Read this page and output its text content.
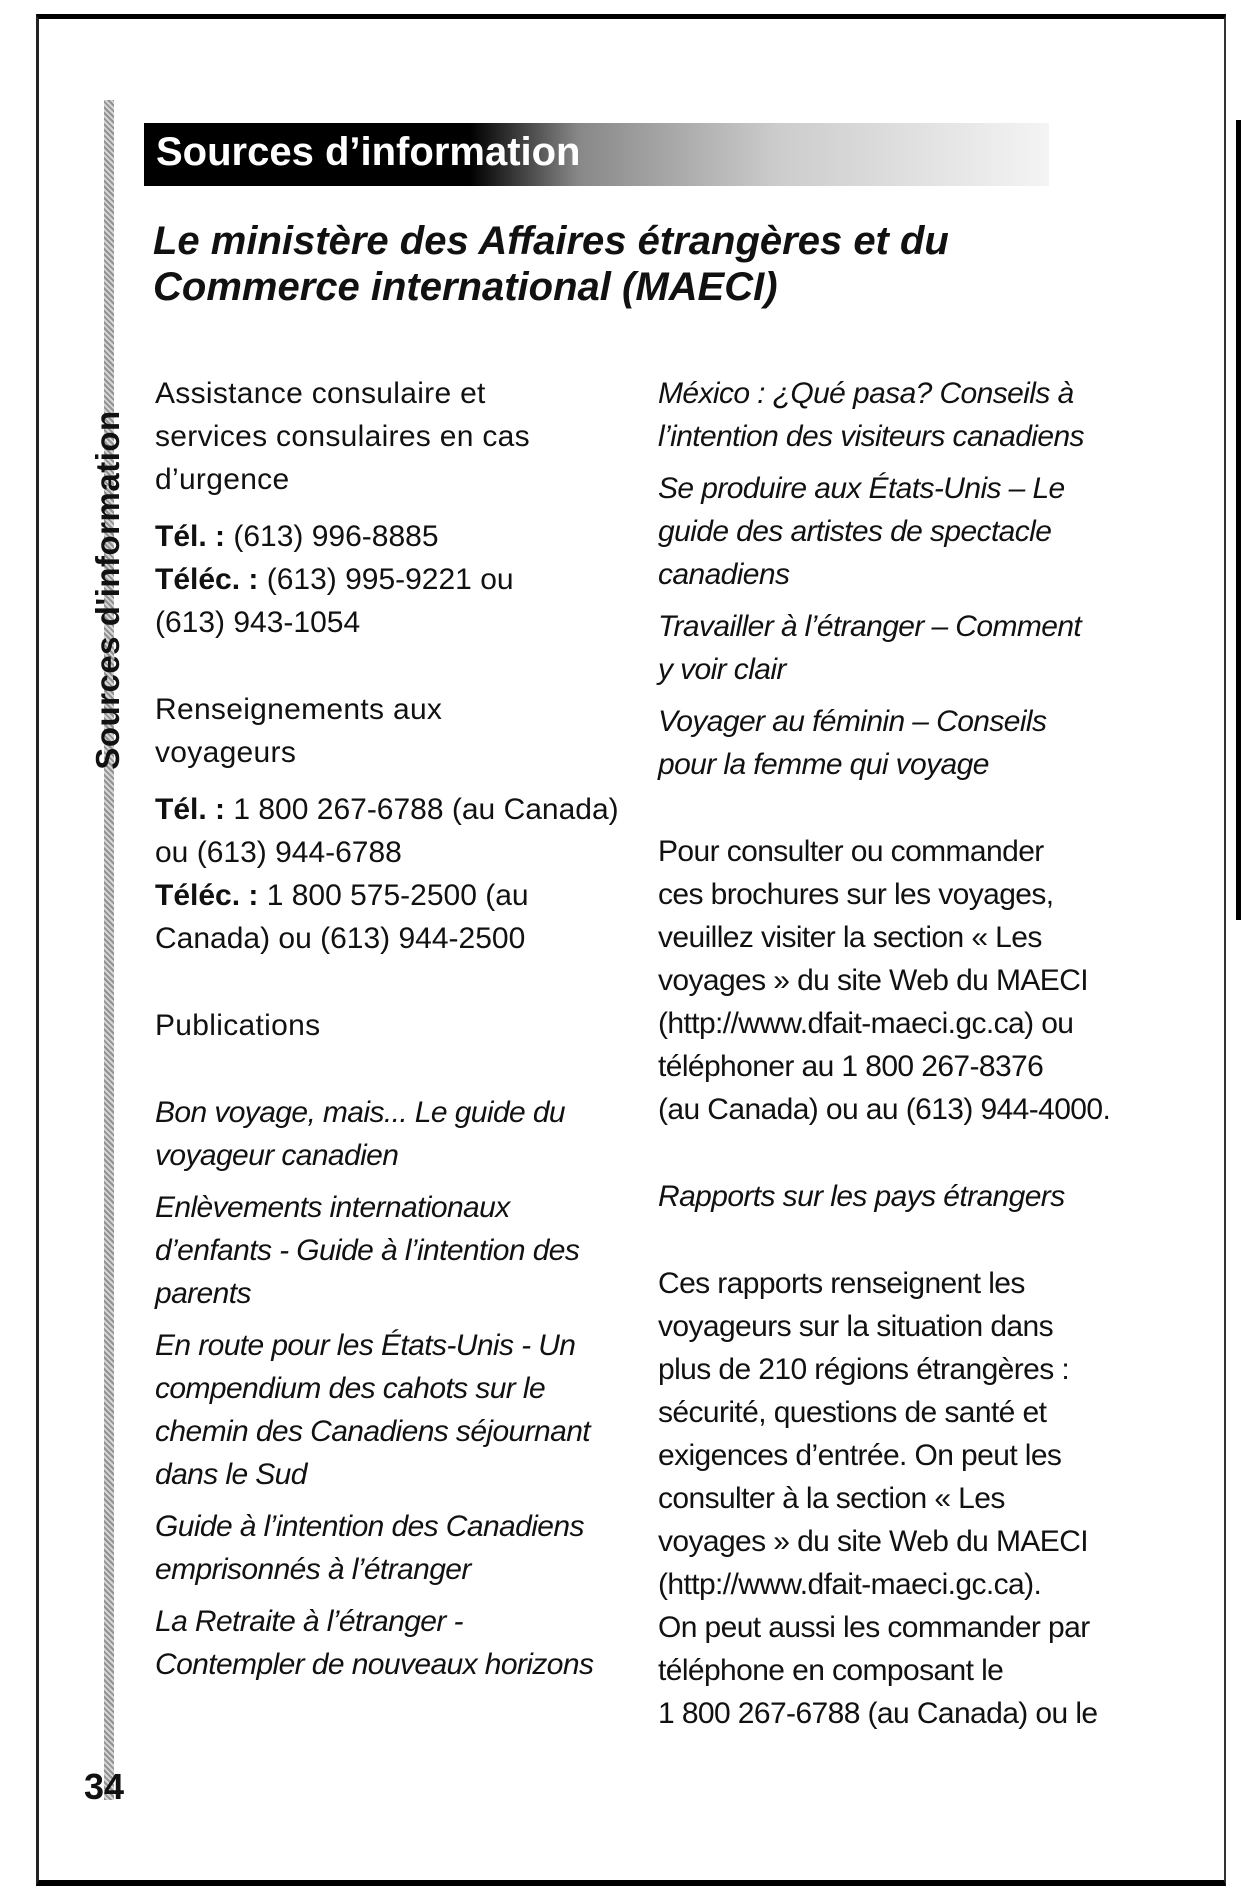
Sources d'information
34
Sources d’information
Le ministère des Affaires étrangères et du
Commerce international (MAECI)

Assistance consulaire et
services consulaires en cas
d’urgence

Tél. : (613) 996-8885
Téléc. : (613) 995-9221 ou
(613) 943-1054

Renseignements aux
voyageurs

Tél. : 1 800 267-6788 (au Canada)
ou (613) 944-6788
Téléc. : 1 800 575-2500 (au
Canada) ou (613) 944-2500

Publications

Bon voyage, mais... Le guide du
voyageur canadien

Enlèvements internationaux
d’enfants - Guide à l’intention des
parents

En route pour les États-Unis - Un
compendium des cahots sur le
chemin des Canadiens séjournant
dans le Sud

Guide à l’intention des Canadiens
emprisonnés à l’étranger

La Retraite à l’étranger -
Contempler de nouveaux horizons

México : ¿Qué pasa? Conseils à
l’intention des visiteurs canadiens

Se produire aux États-Unis – Le
guide des artistes de spectacle
canadiens

Travailler à l’étranger – Comment
y voir clair

Voyager au féminin – Conseils
pour la femme qui voyage

Pour consulter ou commander
ces brochures sur les voyages,
veuillez visiter la section « Les
voyages » du site Web du MAECI
(http://www.dfait-maeci.gc.ca) ou
téléphoner au 1 800 267-8376
(au Canada) ou au (613) 944-4000.

Rapports sur les pays étrangers

Ces rapports renseignent les
voyageurs sur la situation dans
plus de 210 régions étrangères :
sécurité, questions de santé et
exigences d’entrée. On peut les
consulter à la section « Les
voyages » du site Web du MAECI
(http://www.dfait-maeci.gc.ca).
On peut aussi les commander par
téléphone en composant le
1 800 267-6788 (au Canada) ou le
